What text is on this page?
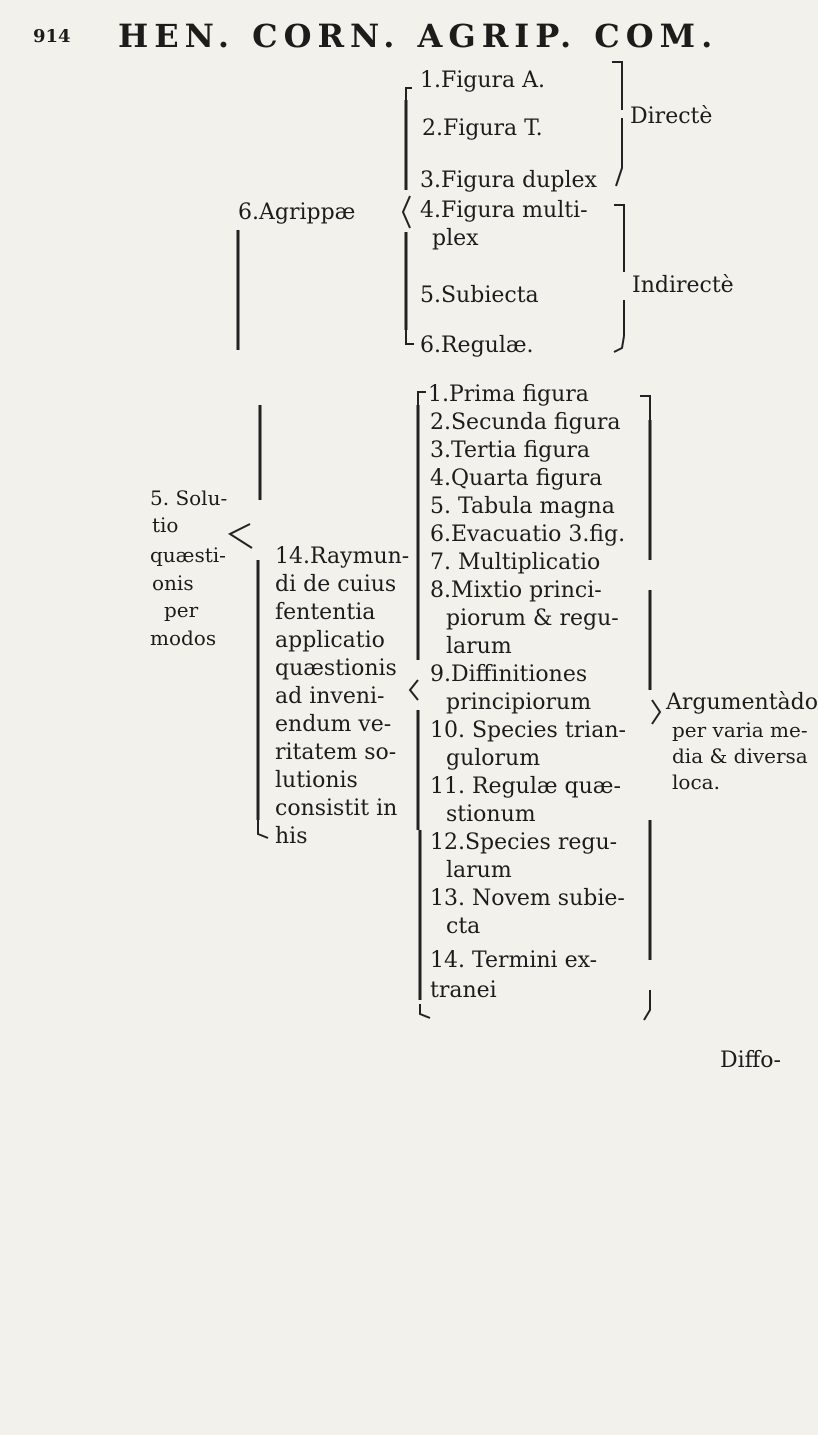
914 HEN. CORN. AGRIP. COM.
1.Figura A.
2.Figura T.
3.Figura duplex
4.Figura multi-
plex
5.Subiecta
6.Regulæ.
6.Agrippæ
Directè
Indirectè
5. Solu-
tio
quæsti-
onis
per
modos
14.Raymun-
di de cuius
fententia
applicatio
quæstionis
ad inveni-
endum ve-
ritatem so-
lutionis
consistit in
his
1.Prima figura
2.Secunda figura
3.Tertia figura
4.Quarta figura
5. Tabula magna
6.Evacuatio 3.fig.
7. Multiplicatio
8.Mixtio princi-
piorum & regu-
larum
9.Diffinitiones
principiorum
10. Species trian-
gulorum
11. Regulæ quæ-
stionum
12.Species regu-
larum
13. Novem subie-
cta
14. Termini ex-
tranei
Argumentàdo
per varia me-
dia & diversa
loca.
Diffo-
